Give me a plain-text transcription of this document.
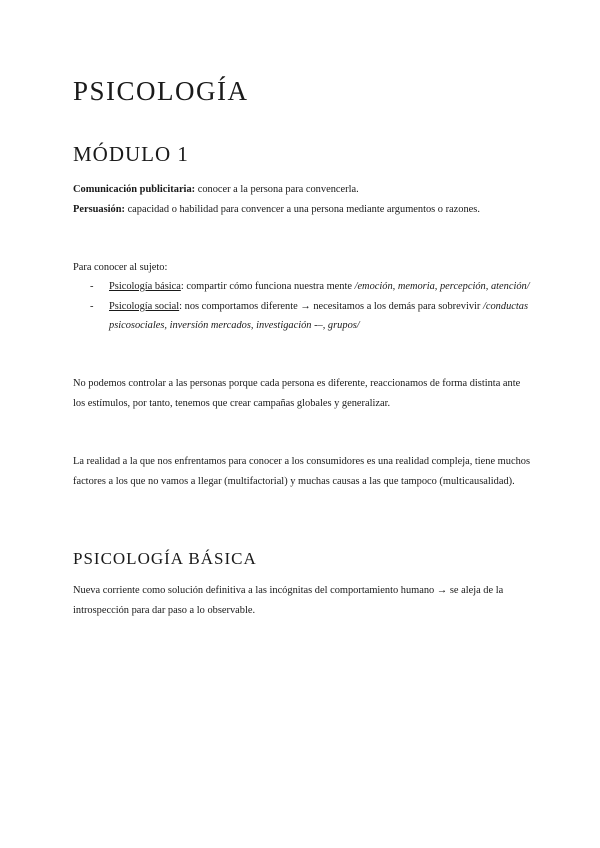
PSICOLOGÍA
MÓDULO 1

Comunicación publicitaria: conocer a la persona para convencerla.
Persuasión: capacidad o habilidad para convencer a una persona mediante argumentos o razones.

Para conocer al sujeto:

- Psicología básica: compartir cómo funciona nuestra mente /emoción, memoria, percepción, atención/
- Psicología social: nos comportamos diferente → necesitamos a los demás para sobrevivir /conductas psicosociales, inversión mercados, investigación -–, grupos/

No podemos controlar a las personas porque cada persona es diferente, reaccionamos de forma distinta ante los estímulos, por tanto, tenemos que crear campañas globales y generalizar.

La realidad a la que nos enfrentamos para conocer a los consumidores es una realidad compleja, tiene muchos factores a los que no vamos a llegar (multifactorial) y muchas causas a las que tampoco (multicausalidad).

PSICOLOGÍA BÁSICA

Nueva corriente como solución definitiva a las incógnitas del comportamiento humano → se aleja de la introspección para dar paso a lo observable.
